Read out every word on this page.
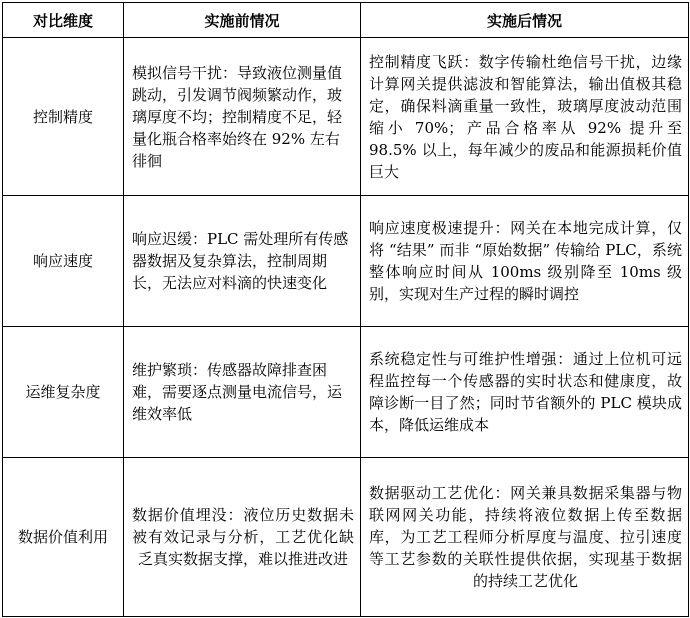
对比维度	实施前情况	实施后情况
控制精度	模拟信号干扰：导致液位测量值跳动，引发调节阀频繁动作，玻璃厚度不均；控制精度不足，轻量化瓶合格率始终在 92% 左右徘徊	控制精度飞跃：数字传输杜绝信号干扰，边缘计算网关提供滤波和智能算法，输出值极其稳定，确保料滴重量一致性，玻璃厚度波动范围缩小 70%；产品合格率从 92% 提升至 98.5% 以上，每年减少的废品和能源损耗价值巨大
响应速度	响应迟缓：PLC 需处理所有传感器数据及复杂算法，控制周期长，无法应对料滴的快速变化	响应速度极速提升：网关在本地完成计算，仅将 “结果” 而非 “原始数据” 传输给 PLC，系统整体响应时间从 100ms 级别降至 10ms 级别，实现对生产过程的瞬时调控
运维复杂度	维护繁琐：传感器故障排查困难，需要逐点测量电流信号，运维效率低	系统稳定性与可维护性增强：通过上位机可远程监控每一个传感器的实时状态和健康度，故障诊断一目了然；同时节省额外的 PLC 模块成本，降低运维成本
数据价值利用	数据价值埋没：液位历史数据未被有效记录与分析，工艺优化缺乏真实数据支撑，难以推进改进	数据驱动工艺优化：网关兼具数据采集器与物联网网关功能，持续将液位数据上传至数据库，为工艺工程师分析厚度与温度、拉引速度等工艺参数的关联性提供依据，实现基于数据的持续工艺优化
